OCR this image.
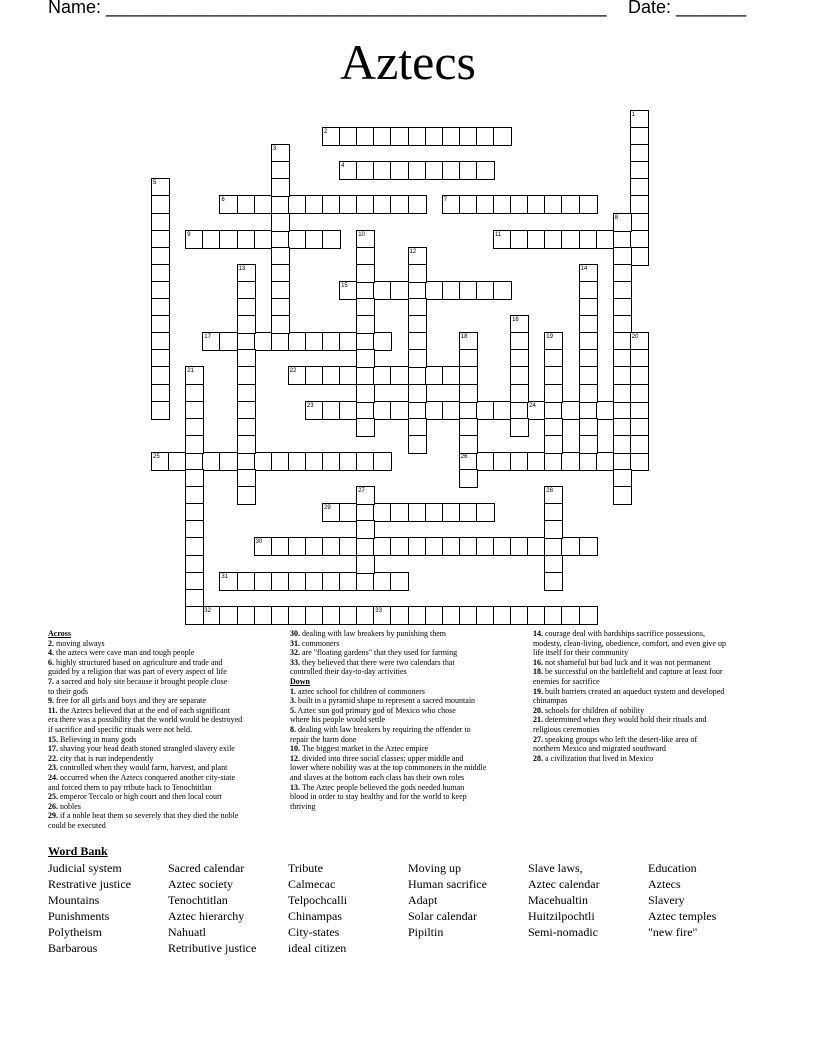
Name: __________________________________________________ Date: _______
Aztecs
2
4
6	7
9	11
15
17
22
23	24
25	26
29
30
31
32	33
1
3
5
8
10
12
13	14
16
18	19	20
21
27	28
Across
2. moving always
4. the aztecs were cave man and tough people
6. highly structured based on agriculture and trade and
guided by a religion that was part of every aspect of life
7. a sacred and holy site because it brought people close
to their gods
9. free for all girls and boys and they are separate
11. the Aztecs believed that at the end of each significant
era there was a possibility that the world would be destroyed
if sacrifice and specific rituals were not held.
15. Believing in many gods
17. shaving your head death stoned strangled slavery exile
22. city that is run independently
23. controlled when they would farm, harvest, and plant
24. occurred when the Aztecs conquered another city-state
and forced them to pay tribute back to Tenochtitlan
25. emperor Teccalo or high court and then local court
26. nobles
29. if a noble beat them so severely that they died the noble
could be executed
30. dealing with law breakers by punishing them
31. commoners
32. are "floating gardens" that they used for farming
33. they believed that there were two calendars that
controlled their day-to-day activities
Down
1. aztec school for children of commoners
3. built in a pyramid shape to represent a sacred mountain
5. Aztec sun god primary god of Mexico who chose
where his people would settle
8. dealing with law breakers by requiring the offender to
repair the harm done
10. The biggest market in the Aztec empire
12. divided into three social classes; upper middle and
lower where nobility was at the top commoners in the middle
and slaves at the bottom each class has their own roles
13. The Aztec people believed the gods needed human
blood in order to stay healthy and for the world to keep
thriving
14. courage deal with hardships sacrifice possessions,
modesty, clean-living, obedience, comfort, and even give up
life itself for their community
16. not shameful but bad luck and it was not permanent
18. be successful on the battlefield and capture at least four
enemies for sacrifice
19. built barriers created an aqueduct system and developed
chinampas
20. schools for children of nobility
21. determined when they would hold their rituals and
religious ceremonies
27. speaking groups who left the desert-like area of
northern Mexico and migrated southward
28. a civilization that lived in Mexico
Word Bank
Judicial system
Restrative justice
Mountains
Punishments
Polytheism
Barbarous
Sacred calendar
Aztec society
Tenochtitlan
Aztec hierarchy
Nahuatl
Retributive justice
Tribute
Calmecac
Telpochcalli
Chinampas
City-states
ideal citizen
Moving up
Human sacrifice
Adapt
Solar calendar
Pipiltin
Slave laws,
Aztec calendar
Macehualtin
Huitzilpochtli
Semi-nomadic
Education
Aztecs
Slavery
Aztec temples
"new fire"
